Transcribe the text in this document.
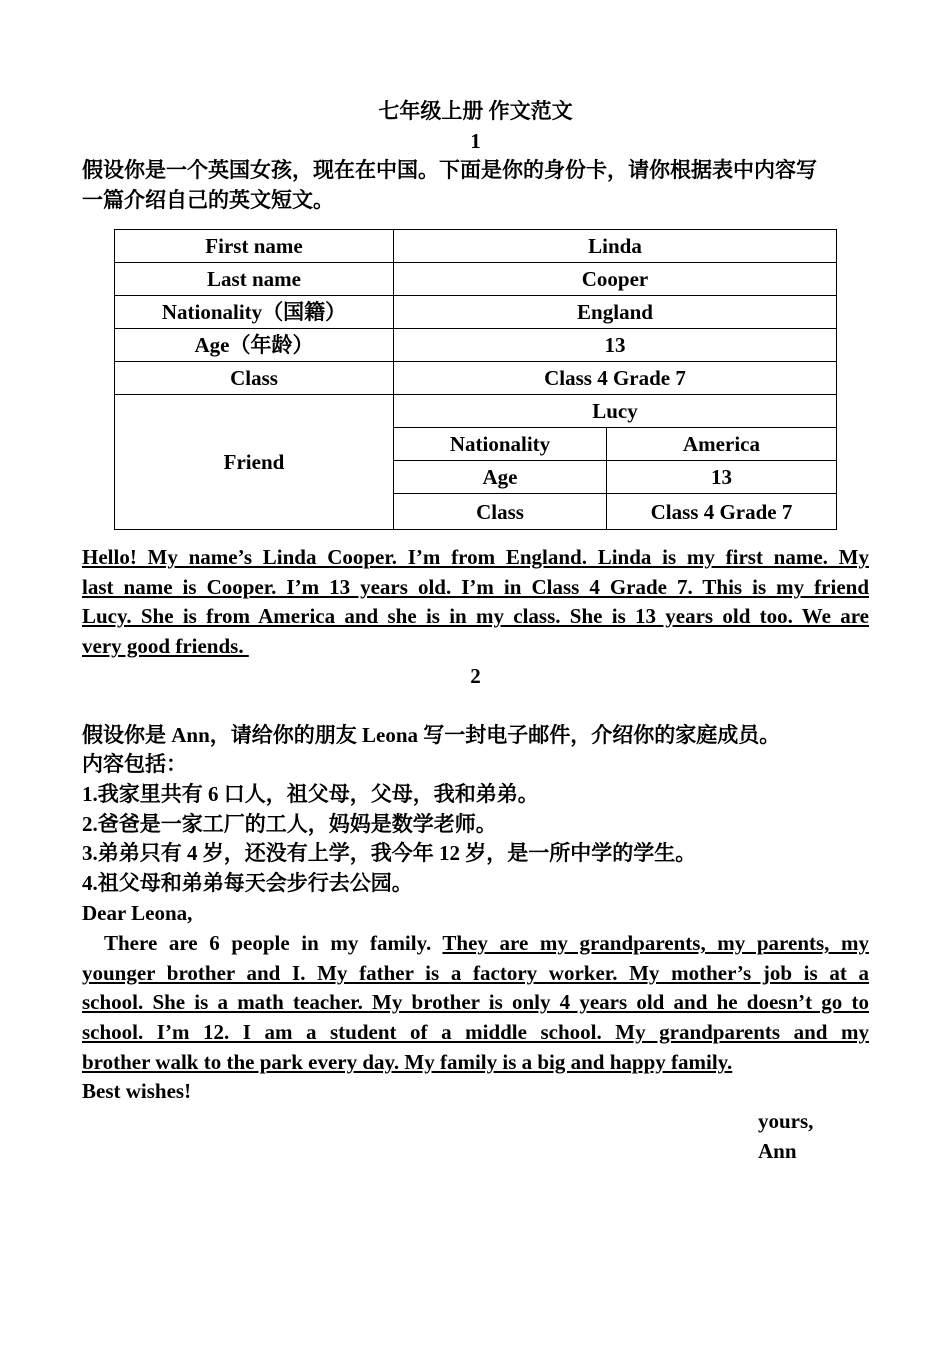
七年级上册 作文范文
1
假设你是一个英国女孩，现在在中国。下面是你的身份卡，请你根据表中内容写
一篇介绍自己的英文短文。
First name	Linda	
Last name	Cooper	
Nationality（国籍）	England	
Age（年龄）	13	
Class	Class 4 Grade 7	
Friend	Lucy	
	Nationality	America
	Age	13
	Class	Class 4 Grade 7
Hello! My name’s Linda Cooper. I’m from England. Linda is my first name. My
last name is Cooper. I’m 13 years old. I’m in Class 4 Grade 7. This is my friend
Lucy. She is from America and she is in my class. She is 13 years old too. We are
very good friends.
2
假设你是 Ann，请给你的朋友 Leona 写一封电子邮件，介绍你的家庭成员。
内容包括：
1.我家里共有 6 口人，祖父母，父母，我和弟弟。
2.爸爸是一家工厂的工人，妈妈是数学老师。
3.弟弟只有 4 岁，还没有上学，我今年 12 岁，是一所中学的学生。
4.祖父母和弟弟每天会步行去公园。
Dear Leona,
There are 6 people in my family. They are my grandparents, my parents, my
younger brother and I. My father is a factory worker. My mother’s job is at a
school. She is a math teacher. My brother is only 4 years old and he doesn’t go to
school. I’m 12. I am a student of a middle school. My grandparents and my
brother walk to the park every day. My family is a big and happy family.
Best wishes!
yours,
Ann
